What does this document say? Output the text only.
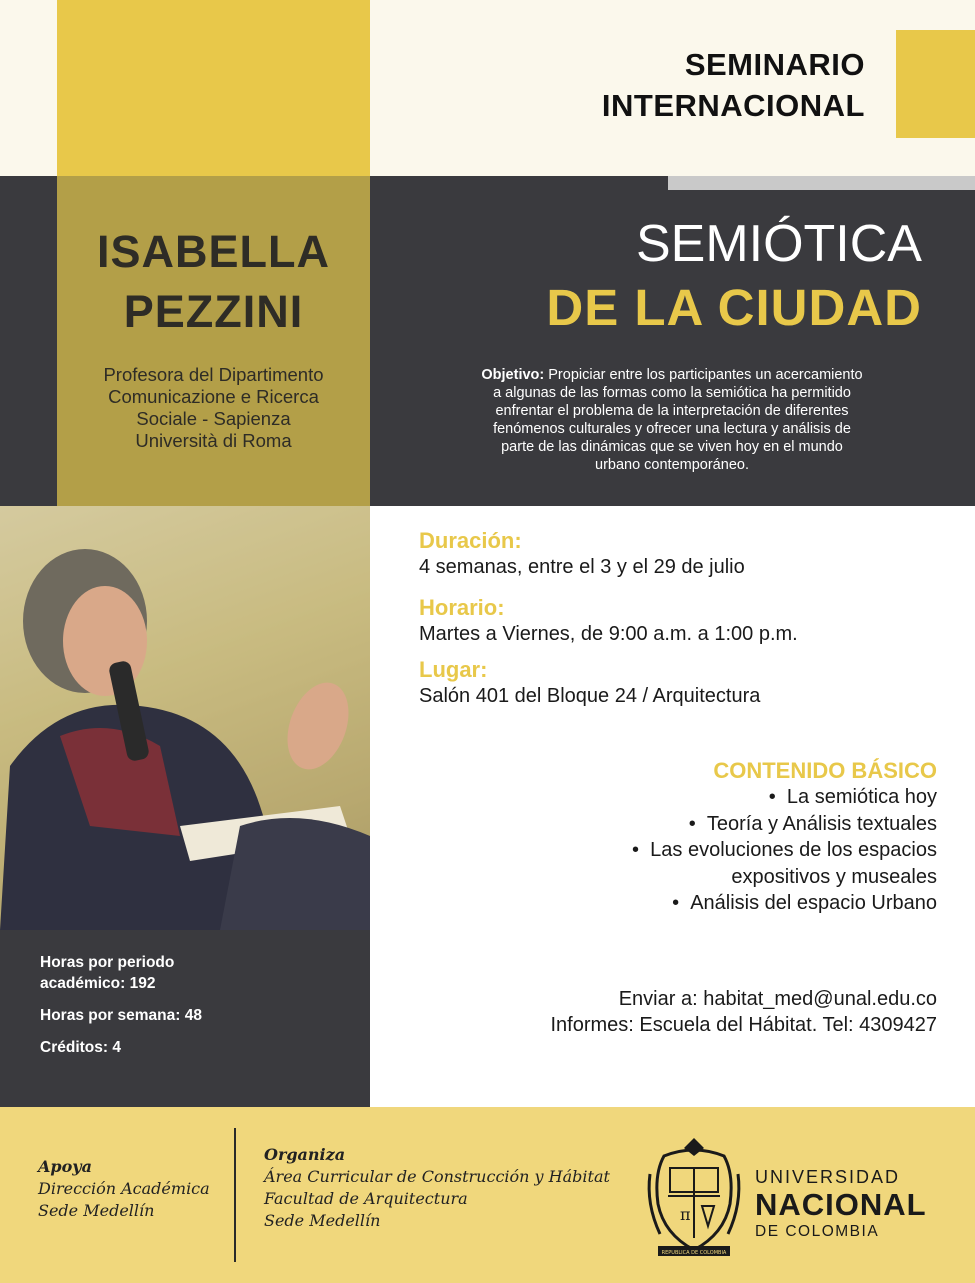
Horas por periodo
académico: 192
Horas por semana: 48
Créditos: 4
SEMINARIO
INTERNACIONAL
ISABELLA
PEZZINI
Profesora del Dipartimento
Comunicazione e Ricerca
Sociale - Sapienza
Università di Roma
SEMIÓTICA
DE LA CIUDAD
Objetivo: Propiciar entre los participantes un acercamiento
a algunas de las formas como la semiótica ha permitido
enfrentar el problema de la interpretación de diferentes
fenómenos culturales y ofrecer una lectura y análisis de
parte de las dinámicas que se viven hoy en el mundo
urbano contemporáneo.
Duración:
4 semanas, entre el 3 y el 29 de julio
Horario:
Martes a Viernes, de 9:00 a.m. a 1:00 p.m.
Lugar:
Salón 401 del Bloque 24 / Arquitectura
CONTENIDO BÁSICO
•  La semiótica hoy
•  Teoría y Análisis textuales
•  Las evoluciones de los espacios
expositivos y museales
•  Análisis del espacio Urbano
Enviar a: habitat_med@unal.edu.co
Informes: Escuela del Hábitat. Tel: 4309427
Apoya
Dirección Académica
Sede Medellín
Organiza
Área Curricular de Construcción y Hábitat
Facultad de Arquitectura
Sede Medellín	π
REPUBLICA DE COLOMBIA
UNIVERSIDAD
NACIONAL
DE COLOMBIA
